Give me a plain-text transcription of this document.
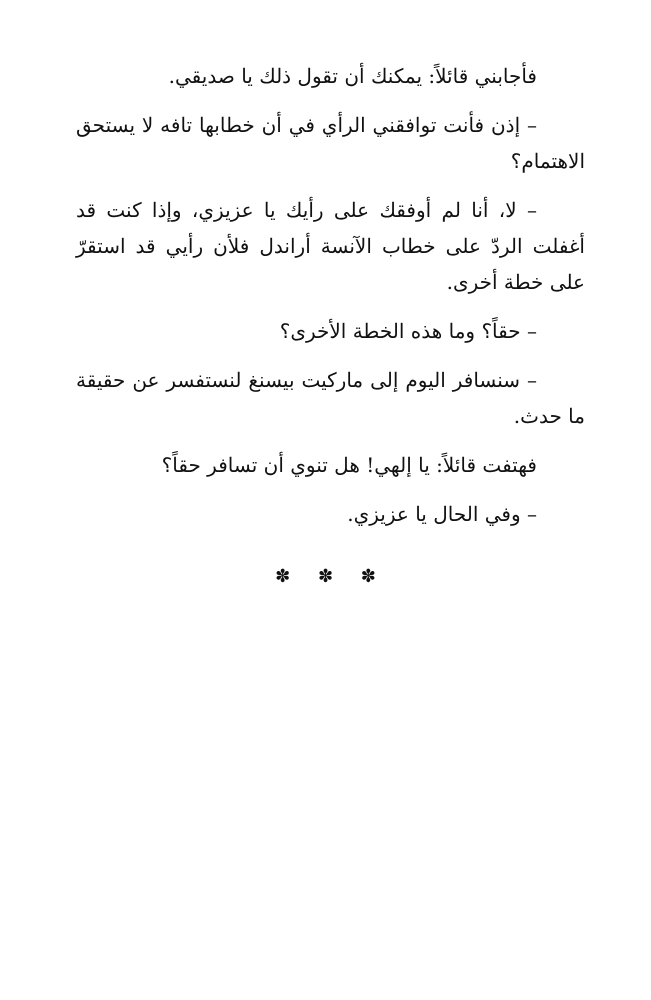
فأجابني قائلاً: يمكنك أن تقول ذلك يا صديقي.

– إذن فأنت توافقني الرأي في أن خطابها تافه لا يستحق الاهتمام؟

– لا، أنا لم أوفقك على رأيك يا عزيزي، وإذا كنت قد أغفلت الردّ على خطاب الآنسة أراندل فلأن رأيي قد استقرّ على خطة أخرى.

– حقاً؟ وما هذه الخطة الأخرى؟

– سنسافر اليوم إلى ماركيت بيسنغ لنستفسر عن حقيقة ما حدث.

فهتفت قائلاً: يا إلهي! هل تنوي أن تسافر حقاً؟

– وفي الحال يا عزيزي.

✽ ✽ ✽
